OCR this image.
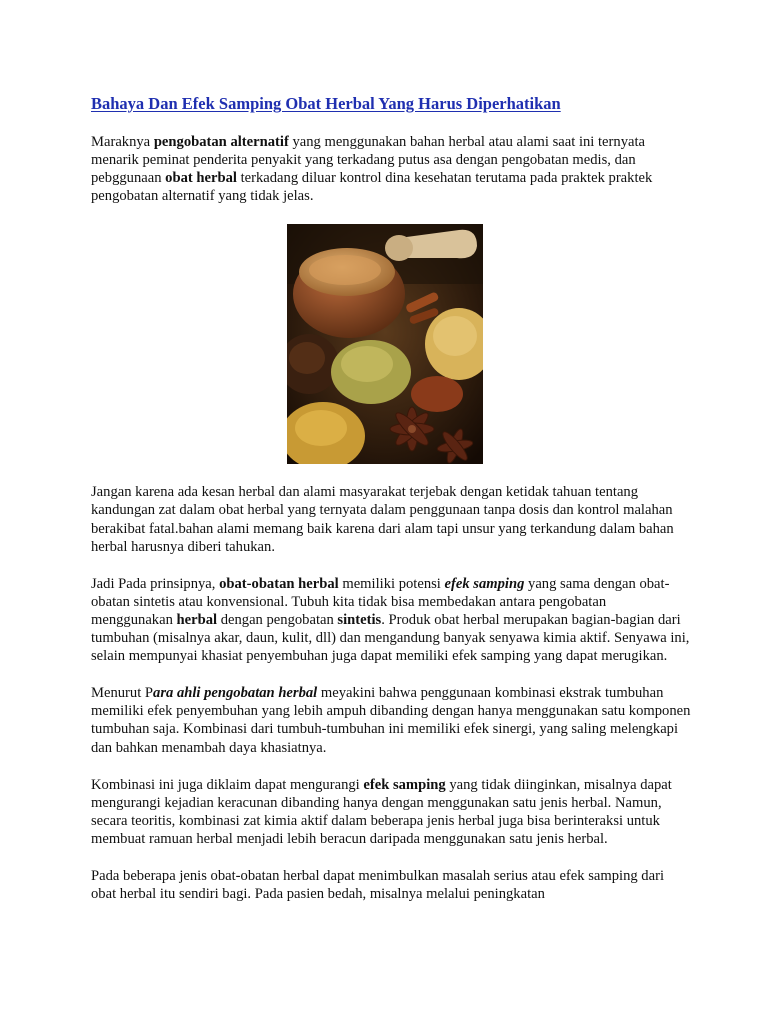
Bahaya Dan Efek Samping Obat Herbal Yang Harus Diperhatikan

Maraknya pengobatan alternatif yang menggunakan bahan herbal atau alami saat ini ternyata menarik peminat penderita penyakit yang terkadang putus asa dengan pengobatan medis, dan pebggunaan obat herbal terkadang diluar kontrol dina kesehatan terutama pada praktek praktek pengobatan alternatif yang tidak jelas.

Jangan karena ada kesan herbal dan alami masyarakat terjebak dengan ketidak tahuan tentang kandungan zat dalam obat herbal yang ternyata dalam penggunaan tanpa dosis dan kontrol malahan berakibat fatal.bahan alami memang baik karena dari alam tapi unsur yang terkandung dalam bahan herbal harusnya diberi tahukan.

Jadi Pada prinsipnya, obat-obatan herbal memiliki potensi efek samping yang sama dengan obat-obatan sintetis atau konvensional. Tubuh kita tidak bisa membedakan antara pengobatan menggunakan herbal dengan pengobatan sintetis. Produk obat herbal merupakan bagian-bagian dari tumbuhan (misalnya akar, daun, kulit, dll) dan mengandung banyak senyawa kimia aktif. Senyawa ini, selain mempunyai khasiat penyembuhan juga dapat memiliki efek samping yang dapat merugikan.

Menurut Para ahli pengobatan herbal meyakini bahwa penggunaan kombinasi ekstrak tumbuhan memiliki efek penyembuhan yang lebih ampuh dibanding dengan hanya menggunakan satu komponen tumbuhan saja. Kombinasi dari tumbuh-tumbuhan ini memiliki efek sinergi, yang saling melengkapi dan bahkan menambah daya khasiatnya.

Kombinasi ini juga diklaim dapat mengurangi efek samping yang tidak diinginkan, misalnya dapat mengurangi kejadian keracunan dibanding hanya dengan menggunakan satu jenis herbal. Namun, secara teoritis, kombinasi zat kimia aktif dalam beberapa jenis herbal juga bisa berinteraksi untuk membuat ramuan herbal menjadi lebih beracun daripada menggunakan satu jenis herbal.

Pada beberapa jenis obat-obatan herbal dapat menimbulkan masalah serius atau efek samping dari obat herbal itu sendiri bagi. Pada pasien bedah, misalnya melalui peningkatan
